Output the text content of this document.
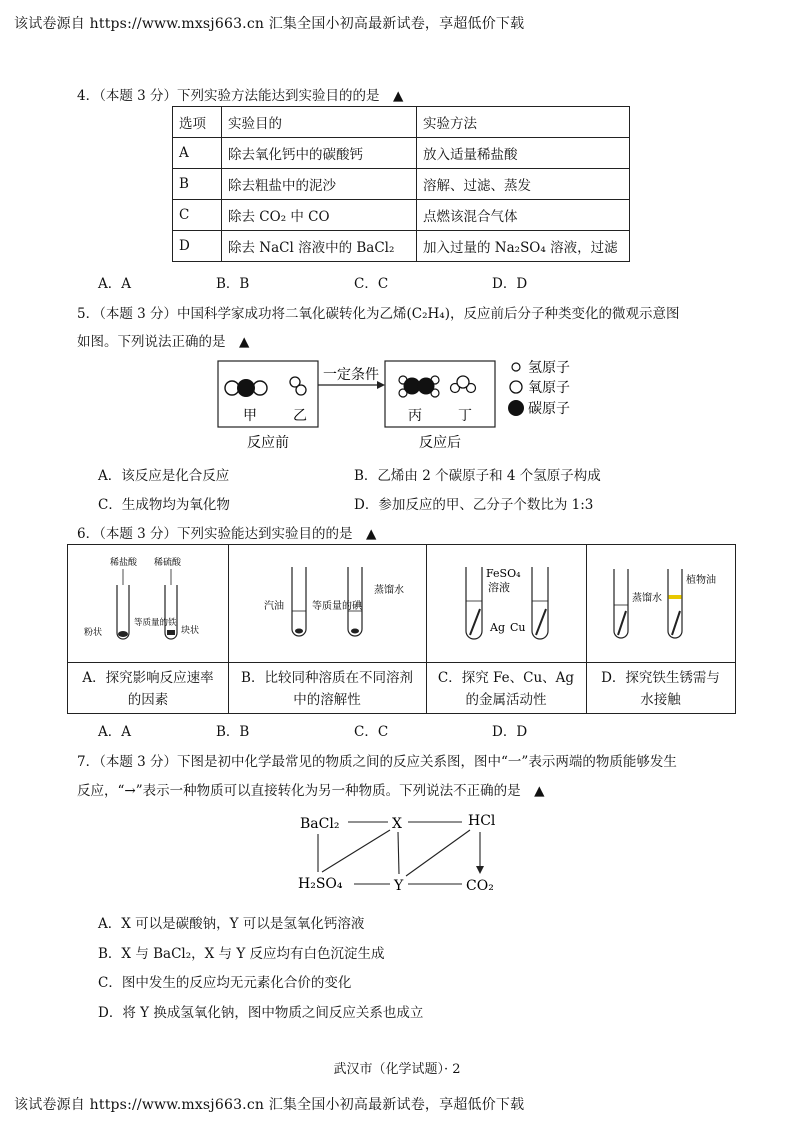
该试卷源自 https://www.mxsj663.cn 汇集全国小初高最新试卷，享超低价下载
4．（本题 3 分）下列实验方法能达到实验目的的是　▲
选项	实验目的	实验方法
A	除去氧化钙中的碳酸钙	放入适量稀盐酸
B	除去粗盐中的泥沙	溶解、过滤、蒸发
C	除去 CO₂ 中 CO	点燃该混合气体
D	除去 NaCl 溶液中的 BaCl₂	加入过量的 Na₂SO₄ 溶液，过滤
A．A	B．B	C．C	D．D
5．（本题 3 分）中国科学家成功将二氧化碳转化为乙烯(C₂H₄)，反应前后分子种类变化的微观示意图
如图。下列说法正确的是　▲
一定条件
甲	乙	丙	丁
反应前	反应后
氢原子
氧原子
碳原子
A．该反应是化合反应	B．乙烯由 2 个碳原子和 4 个氢原子构成
C．生成物均为氧化物	D．参加反应的甲、乙分子个数比为 1:3
6．（本题 3 分）下列实验能达到实验目的的是　▲
稀盐酸 稀硫酸
粉状
等质量的铁
块状
A．探究影响反应速率
的因素
汽油	等质量的碘
蒸馏水
B．比较同种溶质在不同溶剂
中的溶解性
FeSO₄
溶液
Ag Cu
C．探究 Fe、Cu、Ag
的金属活动性
蒸馏水
植物油
D．探究铁生锈需与
水接触
A．A	B．B	C．C	D．D
7．（本题 3 分）下图是初中化学最常见的物质之间的反应关系图，图中“一”表示两端的物质能够发生
反应，“→”表示一种物质可以直接转化为另一种物质。下列说法不正确的是　▲
BaCl₂	X	HCl
H₂SO₄	Y	CO₂
A．X 可以是碳酸钠，Y 可以是氢氧化钙溶液
B．X 与 BaCl₂，X 与 Y 反应均有白色沉淀生成
C．图中发生的反应均无元素化合价的变化
D．将 Y 换成氢氧化钠，图中物质之间反应关系也成立
武汉市（化学试题）· 2
该试卷源自 https://www.mxsj663.cn 汇集全国小初高最新试卷，享超低价下载
